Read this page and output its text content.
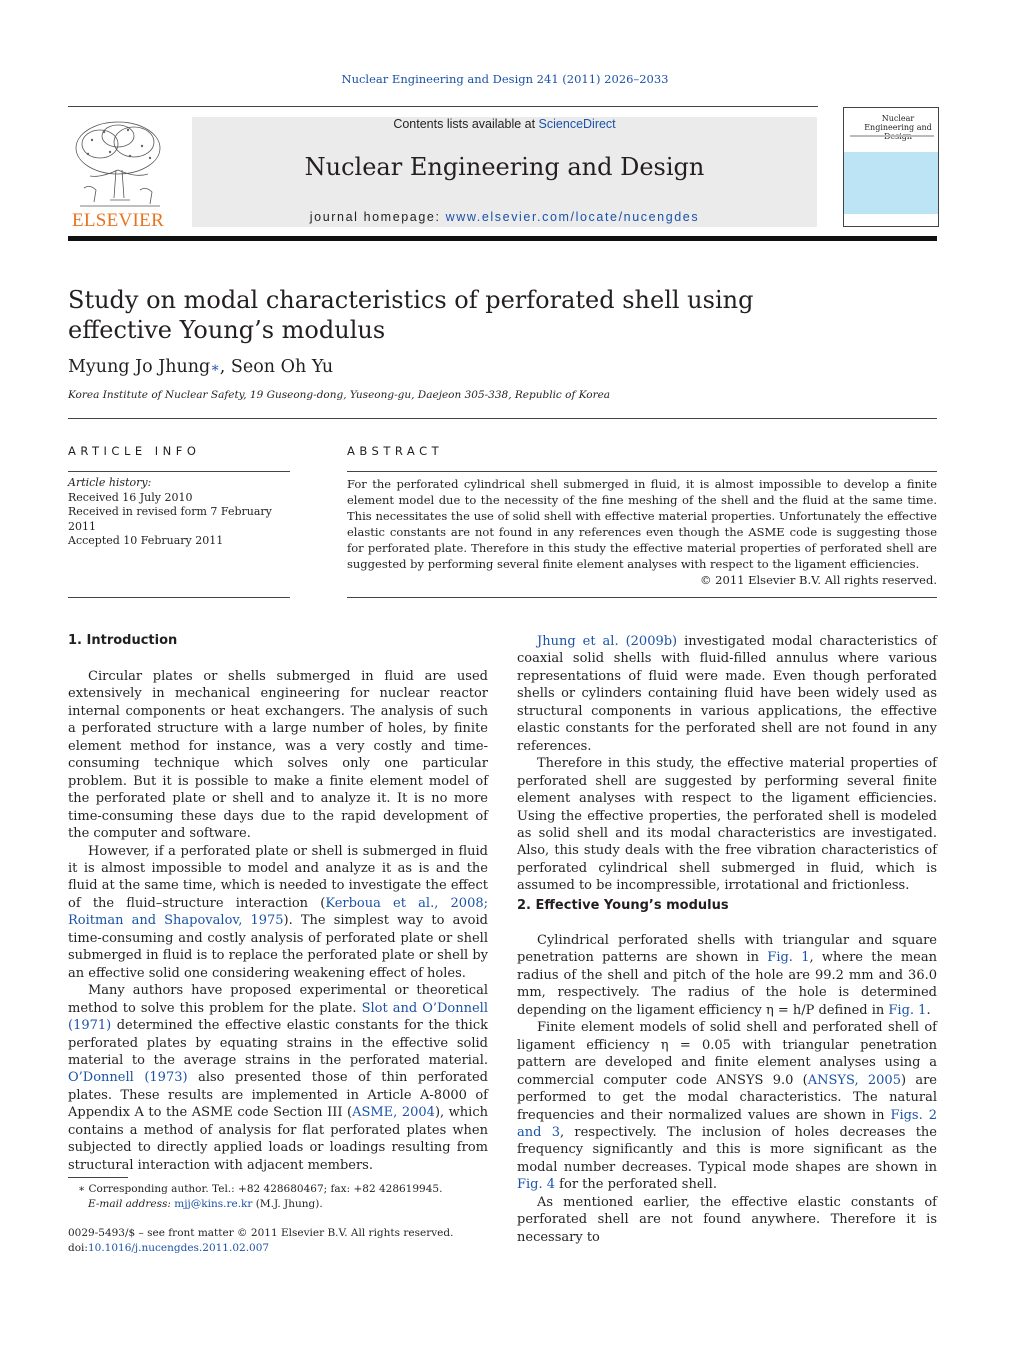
Nuclear Engineering and Design 241 (2011) 2026–2033
ELSEVIER
Contents lists available at ScienceDirect
Nuclear Engineering and Design
journal homepage: www.elsevier.com/locate/nucengdes
Nuclear Engineering and
Study on modal characteristics of perforated shell using effective Young’s modulus
Myung Jo Jhung∗, Seon Oh Yu
Korea Institute of Nuclear Safety, 19 Guseong-dong, Yuseong-gu, Daejeon 305-338, Republic of Korea
ARTICLE INFO
Article history:
Received 16 July 2010
Received in revised form 7 February 2011
Accepted 10 February 2011
ABSTRACT
For the perforated cylindrical shell submerged in fluid, it is almost impossible to develop a finite element model due to the necessity of the fine meshing of the shell and the fluid at the same time. This necessitates the use of solid shell with effective material properties. Unfortunately the effective elastic constants are not found in any references even though the ASME code is suggesting those for perforated plate. Therefore in this study the effective material properties of perforated shell are suggested by performing several finite element analyses with respect to the ligament efficiencies.
© 2011 Elsevier B.V. All rights reserved.
1. Introduction

Circular plates or shells submerged in fluid are used extensively in mechanical engineering for nuclear reactor internal components or heat exchangers. The analysis of such a perforated structure with a large number of holes, by finite element method for instance, was a very costly and time-consuming technique which solves only one particular problem. But it is possible to make a finite element model of the perforated plate or shell and to analyze it. It is no more time-consuming these days due to the rapid development of the computer and software.

However, if a perforated plate or shell is submerged in fluid it is almost impossible to model and analyze it as is and the fluid at the same time, which is needed to investigate the effect of the fluid–structure interaction (Kerboua et al., 2008; Roitman and Shapovalov, 1975). The simplest way to avoid time-consuming and costly analysis of perforated plate or shell submerged in fluid is to replace the perforated plate or shell by an effective solid one considering weakening effect of holes.

Many authors have proposed experimental or theoretical method to solve this problem for the plate. Slot and O’Donnell (1971) determined the effective elastic constants for the thick perforated plates by equating strains in the effective solid material to the average strains in the perforated material. O’Donnell (1973) also presented those of thin perforated plates. These results are implemented in Article A-8000 of Appendix A to the ASME code Section III (ASME, 2004), which contains a method of analysis for flat perforated plates when subjected to directly applied loads or loadings resulting from structural interaction with adjacent members.

Jhung et al. (2009b) investigated modal characteristics of coaxial solid shells with fluid-filled annulus where various representations of fluid were made. Even though perforated shells or cylinders containing fluid have been widely used as structural components in various applications, the effective elastic constants for the perforated shell are not found in any references.

Therefore in this study, the effective material properties of perforated shell are suggested by performing several finite element analyses with respect to the ligament efficiencies. Using the effective properties, the perforated shell is modeled as solid shell and its modal characteristics are investigated. Also, this study deals with the free vibration characteristics of perforated cylindrical shell submerged in fluid, which is assumed to be incompressible, irrotational and frictionless.

2. Effective Young’s modulus

Cylindrical perforated shells with triangular and square penetration patterns are shown in Fig. 1, where the mean radius of the shell and pitch of the hole are 99.2 mm and 36.0 mm, respectively. The radius of the hole is determined depending on the ligament efficiency η = h/P defined in Fig. 1.

Finite element models of solid shell and perforated shell of ligament efficiency η = 0.05 with triangular penetration pattern are developed and finite element analyses using a commercial computer code ANSYS 9.0 (ANSYS, 2005) are performed to get the modal characteristics. The natural frequencies and their normalized values are shown in Figs. 2 and 3, respectively. The inclusion of holes decreases the frequency significantly and this is more significant as the modal number decreases. Typical mode shapes are shown in Fig. 4 for the perforated shell.

As mentioned earlier, the effective elastic constants of perforated shell are not found anywhere. Therefore it is necessary to

∗ Corresponding author. Tel.: +82 428680467; fax: +82 428619945.
E-mail address: mjj@kins.re.kr (M.J. Jhung).
0029-5493/$ – see front matter © 2011 Elsevier B.V. All rights reserved.
doi:10.1016/j.nucengdes.2011.02.007
